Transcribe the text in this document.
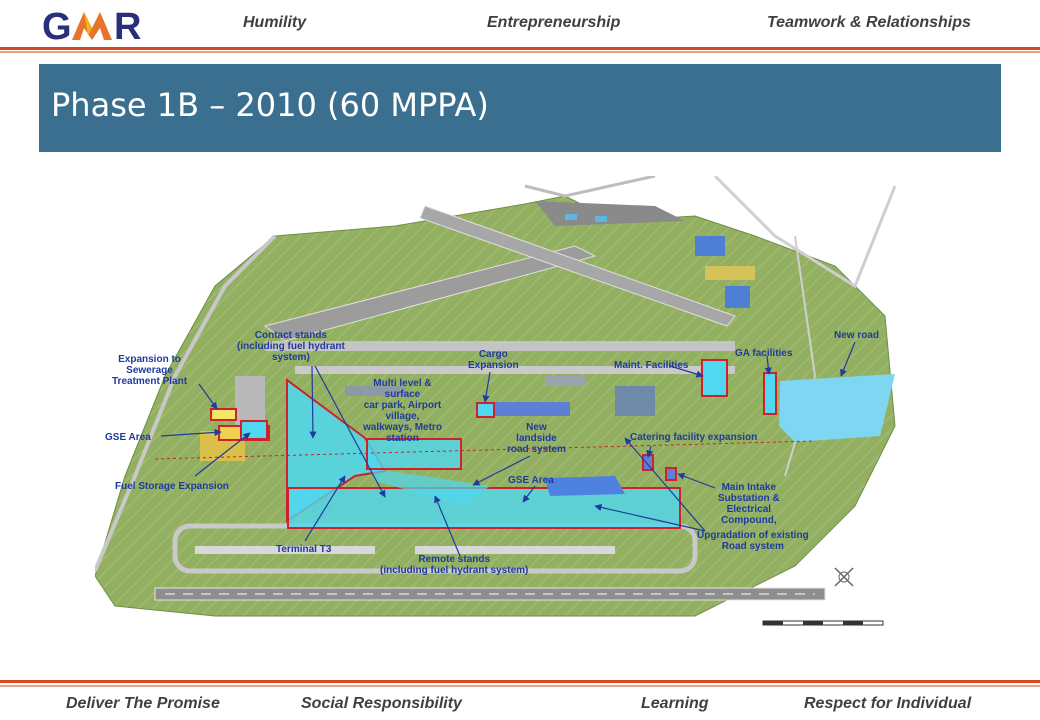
G R	Humility	Entrepreneurship	Teamwork & Relationships
Phase 1B – 2010 (60 MPPA)
Contact stands
(including fuel hydrant
system)
Expansion to
Sewerage
Treatment Plant
Cargo
Expansion
Multi level &
surface
car park, Airport
village,
walkways, Metro
station
Maint. Facilities
GA facilities
New road
GSE Area
New
landside
road system
Catering facility expansion
GSE Area
Fuel Storage Expansion	Main Intake
Substation &
Electrical
Compound,
Upgradation of existing
Road system
Terminal T3
Remote stands
(including fuel hydrant system)
Deliver The Promise	Social Responsibility	Learning	Respect for Individual
